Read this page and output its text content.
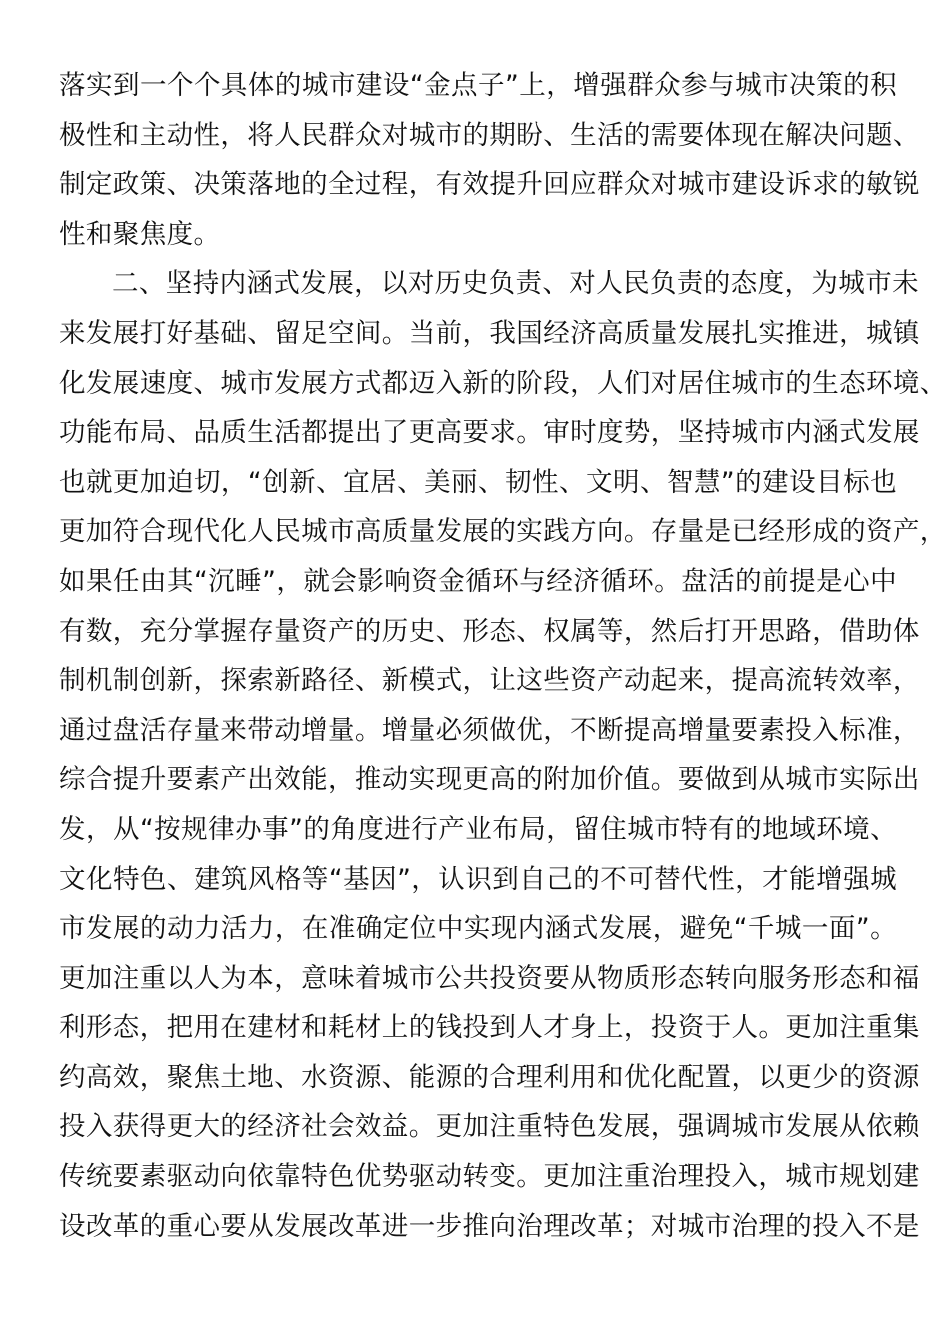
落实到一个个具体的城市建设“金点子”上，增强群众参与城市决策的积
极性和主动性，将人民群众对城市的期盼、生活的需要体现在解决问题、
制定政策、决策落地的全过程，有效提升回应群众对城市建设诉求的敏锐
性和聚焦度。
二、坚持内涵式发展，以对历史负责、对人民负责的态度，为城市未
来发展打好基础、留足空间。当前，我国经济高质量发展扎实推进，城镇
化发展速度、城市发展方式都迈入新的阶段，人们对居住城市的生态环境、
功能布局、品质生活都提出了更高要求。审时度势，坚持城市内涵式发展
也就更加迫切，“创新、宜居、美丽、韧性、文明、智慧”的建设目标也
更加符合现代化人民城市高质量发展的实践方向。存量是已经形成的资产，
如果任由其“沉睡”，就会影响资金循环与经济循环。盘活的前提是心中
有数，充分掌握存量资产的历史、形态、权属等，然后打开思路，借助体
制机制创新，探索新路径、新模式，让这些资产动起来，提高流转效率，
通过盘活存量来带动增量。增量必须做优，不断提高增量要素投入标准，
综合提升要素产出效能，推动实现更高的附加价值。要做到从城市实际出
发，从“按规律办事”的角度进行产业布局，留住城市特有的地域环境、
文化特色、建筑风格等“基因”，认识到自己的不可替代性，才能增强城
市发展的动力活力，在准确定位中实现内涵式发展，避免“千城一面”。
更加注重以人为本，意味着城市公共投资要从物质形态转向服务形态和福
利形态，把用在建材和耗材上的钱投到人才身上，投资于人。更加注重集
约高效，聚焦土地、水资源、能源的合理利用和优化配置，以更少的资源
投入获得更大的经济社会效益。更加注重特色发展，强调城市发展从依赖
传统要素驱动向依靠特色优势驱动转变。更加注重治理投入，城市规划建
设改革的重心要从发展改革进一步推向治理改革；对城市治理的投入不是
